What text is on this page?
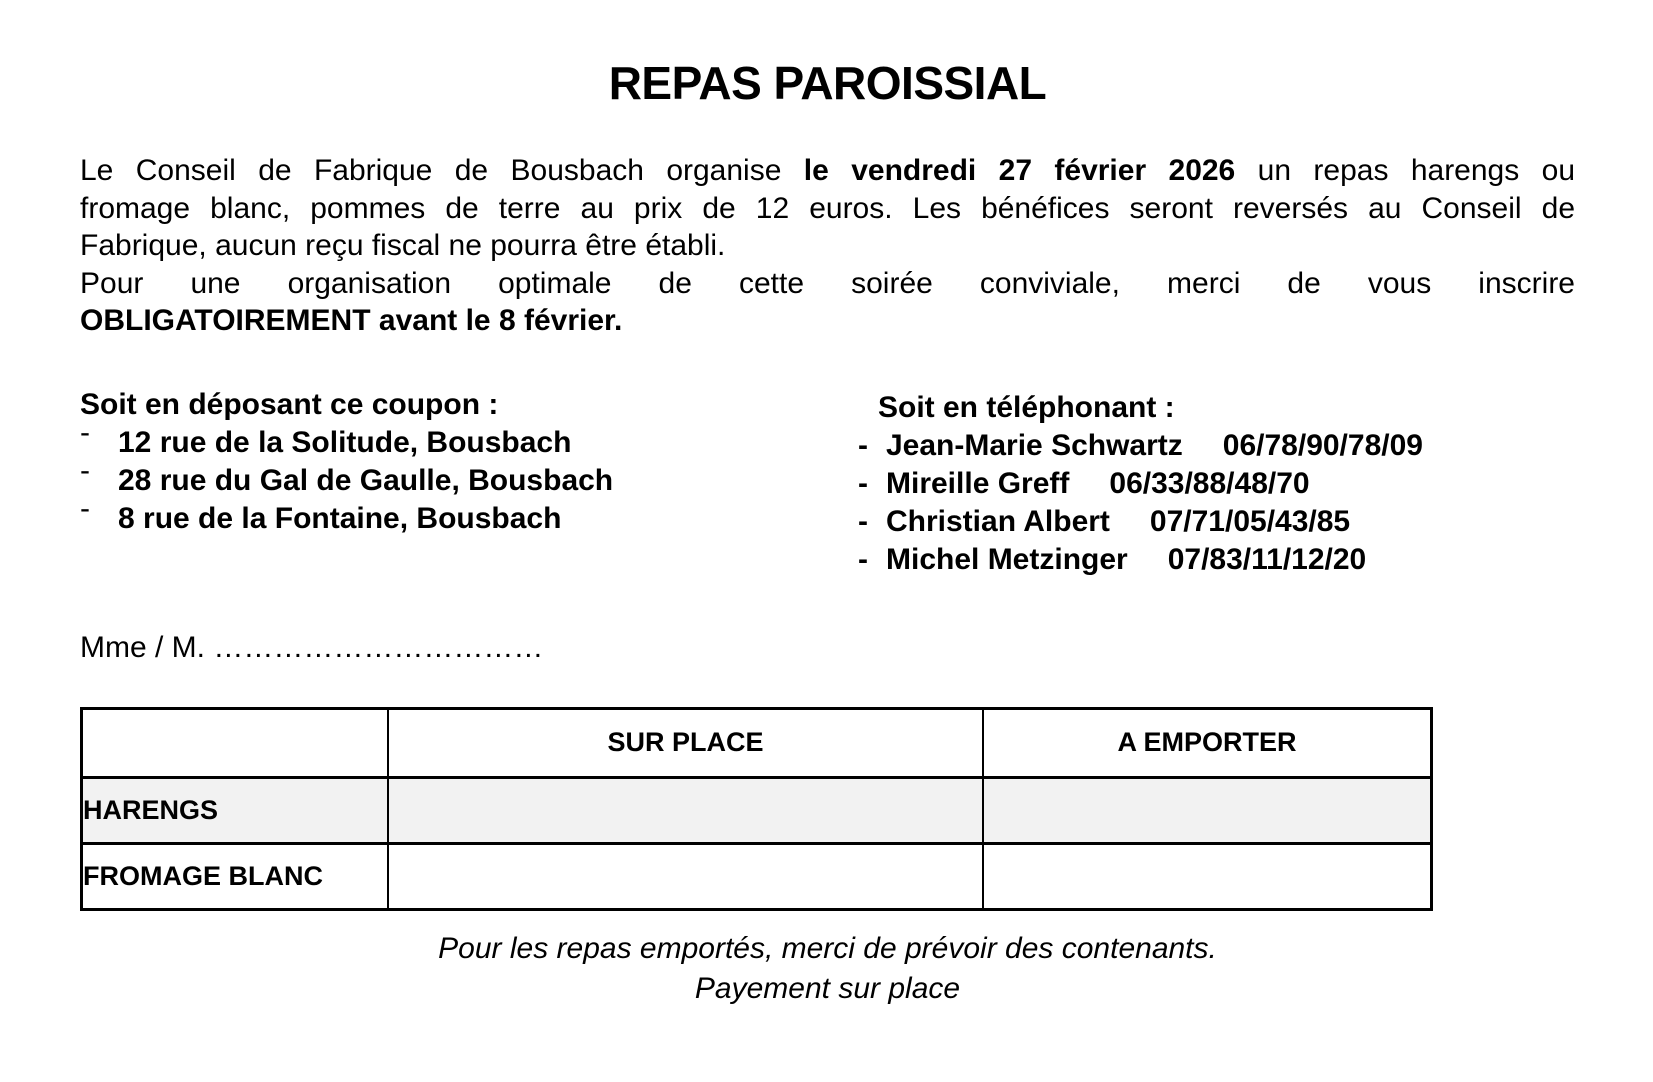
REPAS PAROISSIAL
Le Conseil de Fabrique de Bousbach organise le vendredi 27 février 2026 un repas harengs ou
fromage blanc, pommes de terre au prix de 12 euros. Les bénéfices seront reversés au Conseil de
Fabrique, aucun reçu fiscal ne pourra être établi.
Pour une organisation optimale de cette soirée conviviale, merci de vous inscrire
OBLIGATOIREMENT avant le 8 février.
Soit en déposant ce coupon :
- 12 rue de la Solitude, Bousbach
- 28 rue du Gal de Gaulle, Bousbach
- 8 rue de la Fontaine, Bousbach
Soit en téléphonant :
- Jean-Marie Schwartz 06/78/90/78/09
- Mireille Greff 06/33/88/48/70
- Christian Albert 07/71/05/43/85
- Michel Metzinger 07/83/11/12/20
Mme / M. ……………………………
	SUR PLACE	A EMPORTER
HARENGS		
FROMAGE BLANC		
Pour les repas emportés, merci de prévoir des contenants.
Payement sur place
